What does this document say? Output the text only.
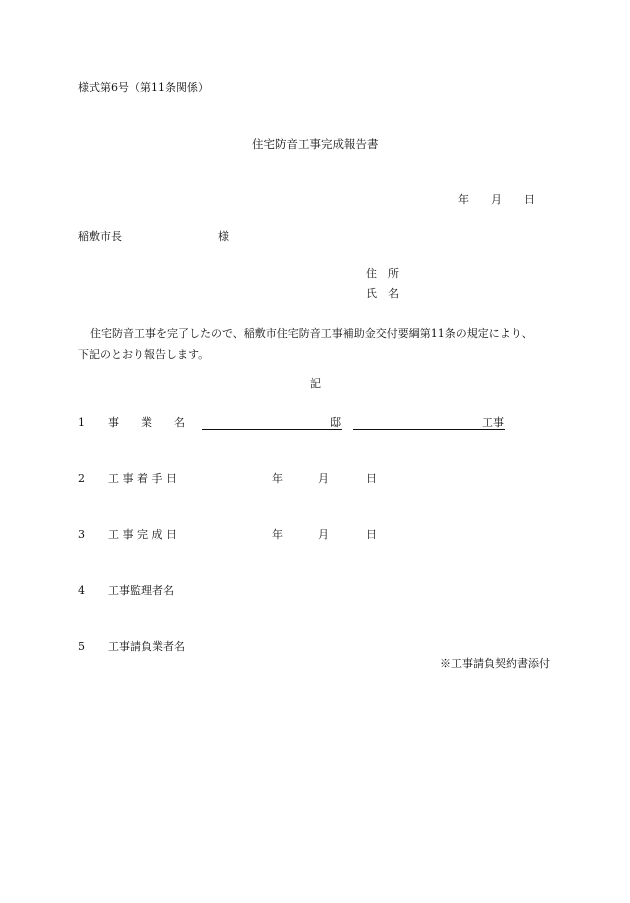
様式第6号（第11条関係）
住宅防音工事完成報告書
年 月 日
稲敷市長	様
住　所
氏　名

住宅防音工事を完了したので、稲敷市住宅防音工事補助金交付要綱第11条の規定により、

下記のとおり報告します。

記
1 事　　業　　名	邸	工事
2 工 事 着 手 日	年	月	日
3 工 事 完 成 日	年	月	日
4 工事監理者名
5 工事請負業者名
※工事請負契約書添付
